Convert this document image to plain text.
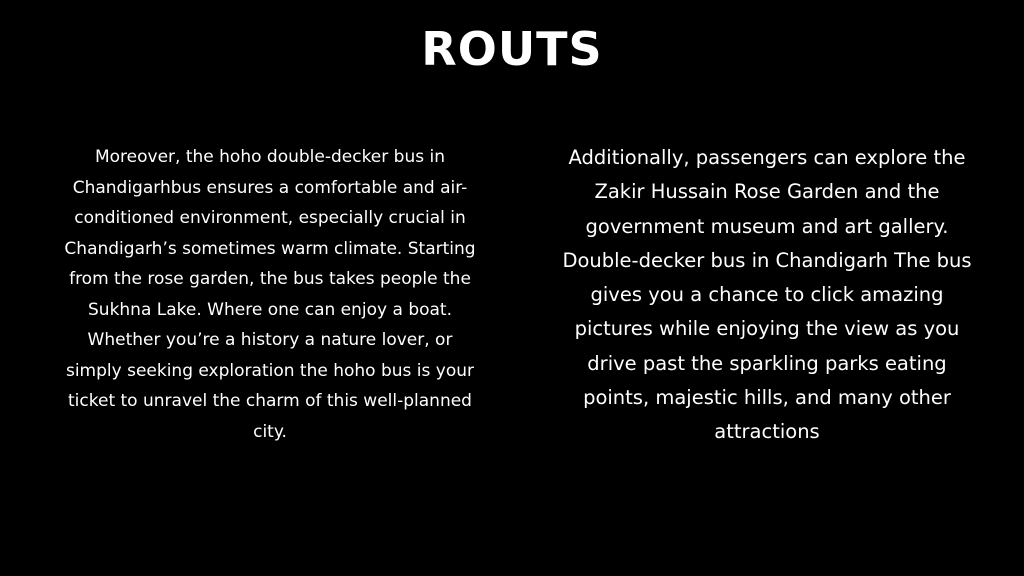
ROUTS
Moreover, the hoho double-decker bus in Chandigarhbus ensures a comfortable and air-conditioned environment, especially crucial in Chandigarh’s sometimes warm climate. Starting from the rose garden, the bus takes people the Sukhna Lake. Where one can enjoy a boat. Whether you’re a history a nature lover, or simply seeking exploration the hoho bus is your ticket to unravel the charm of this well-planned city.
Additionally, passengers can explore the Zakir Hussain Rose Garden and the government museum and art gallery. Double-decker bus in Chandigarh The bus gives you a chance to click amazing pictures while enjoying the view as you drive past the sparkling parks eating points, majestic hills, and many other attractions
